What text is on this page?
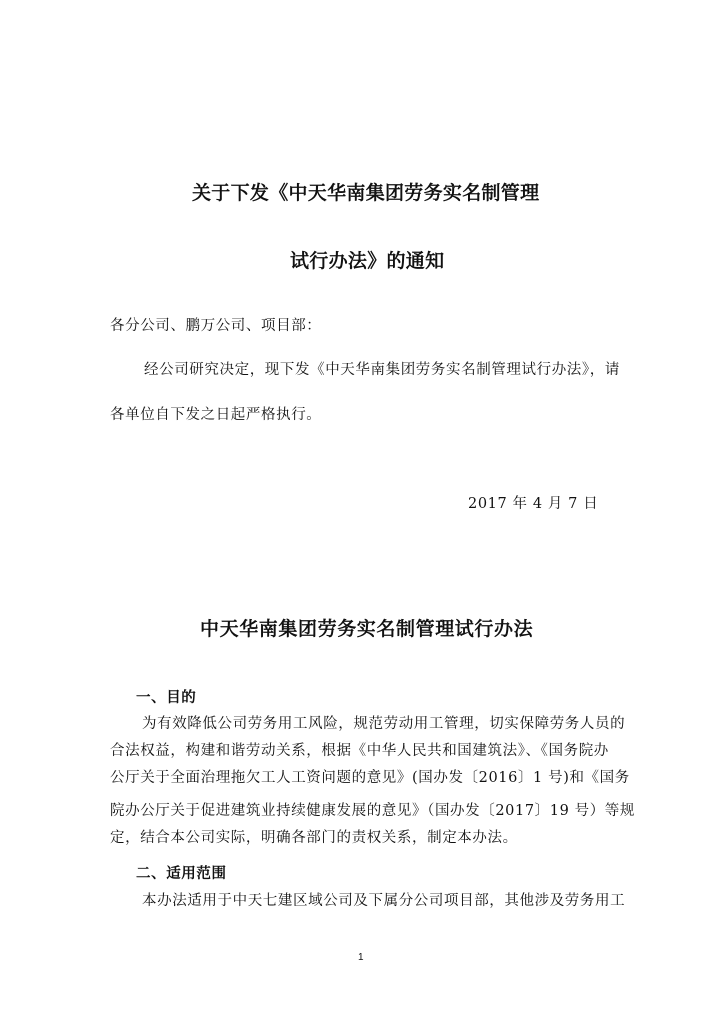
关于下发《中天华南集团劳务实名制管理
试行办法》的通知
各分公司、鹏万公司、项目部：
经公司研究决定，现下发《中天华南集团劳务实名制管理试行办法》，请
各单位自下发之日起严格执行。
2017 年 4 月 7 日
中天华南集团劳务实名制管理试行办法
一、目的
为有效降低公司劳务用工风险，规范劳动用工管理，切实保障劳务人员的
合法权益，构建和谐劳动关系，根据《中华人民共和国建筑法》、《国务院办
公厅关于全面治理拖欠工人工资问题的意见》(国办发〔2016〕1 号)和《国务
院办公厅关于促进建筑业持续健康发展的意见》（国办发〔2017〕19 号）等规
定，结合本公司实际，明确各部门的责权关系，制定本办法。
二、适用范围
本办法适用于中天七建区域公司及下属分公司项目部，其他涉及劳务用工
1
